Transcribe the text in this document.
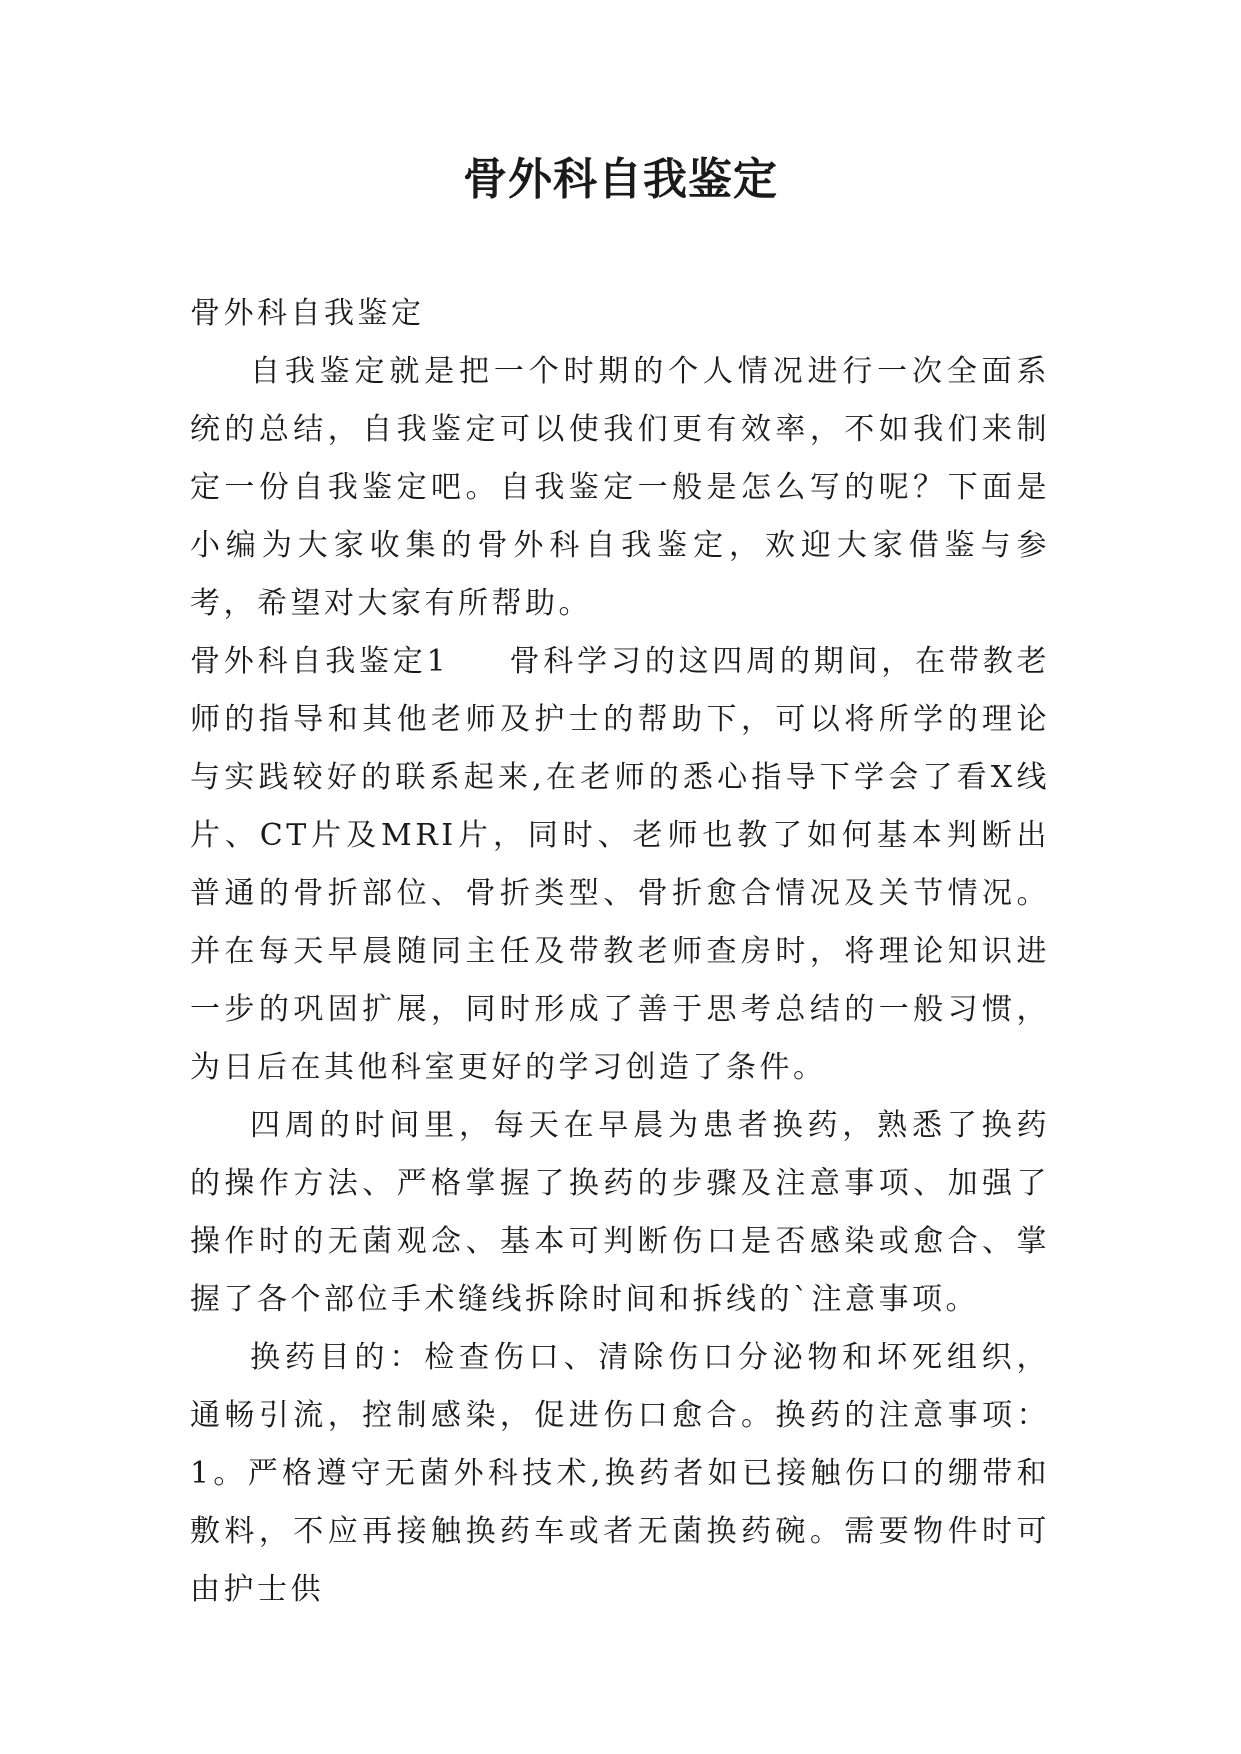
骨外科自我鉴定

骨外科自我鉴定

自我鉴定就是把一个时期的个人情况进行一次全面系统的总结，自我鉴定可以使我们更有效率，不如我们来制定一份自我鉴定吧。自我鉴定一般是怎么写的呢？下面是小编为大家收集的骨外科自我鉴定，欢迎大家借鉴与参考，希望对大家有所帮助。

骨外科自我鉴定1 骨科学习的这四周的期间，在带教老师的指导和其他老师及护士的帮助下，可以将所学的理论与实践较好的联系起来,在老师的悉心指导下学会了看X线片、CT片及MRI片，同时、老师也教了如何基本判断出普通的骨折部位、骨折类型、骨折愈合情况及关节情况。并在每天早晨随同主任及带教老师查房时，将理论知识进一步的巩固扩展，同时形成了善于思考总结的一般习惯，为日后在其他科室更好的学习创造了条件。

四周的时间里，每天在早晨为患者换药，熟悉了换药的操作方法、严格掌握了换药的步骤及注意事项、加强了操作时的无菌观念、基本可判断伤口是否感染或愈合、掌握了各个部位手术缝线拆除时间和拆线的`注意事项。

换药目的：检查伤口、清除伤口分泌物和坏死组织，通畅引流，控制感染，促进伤口愈合。换药的注意事项：1。严格遵守无菌外科技术,换药者如已接触伤口的绷带和敷料，不应再接触换药车或者无菌换药碗。需要物件时可由护士供
